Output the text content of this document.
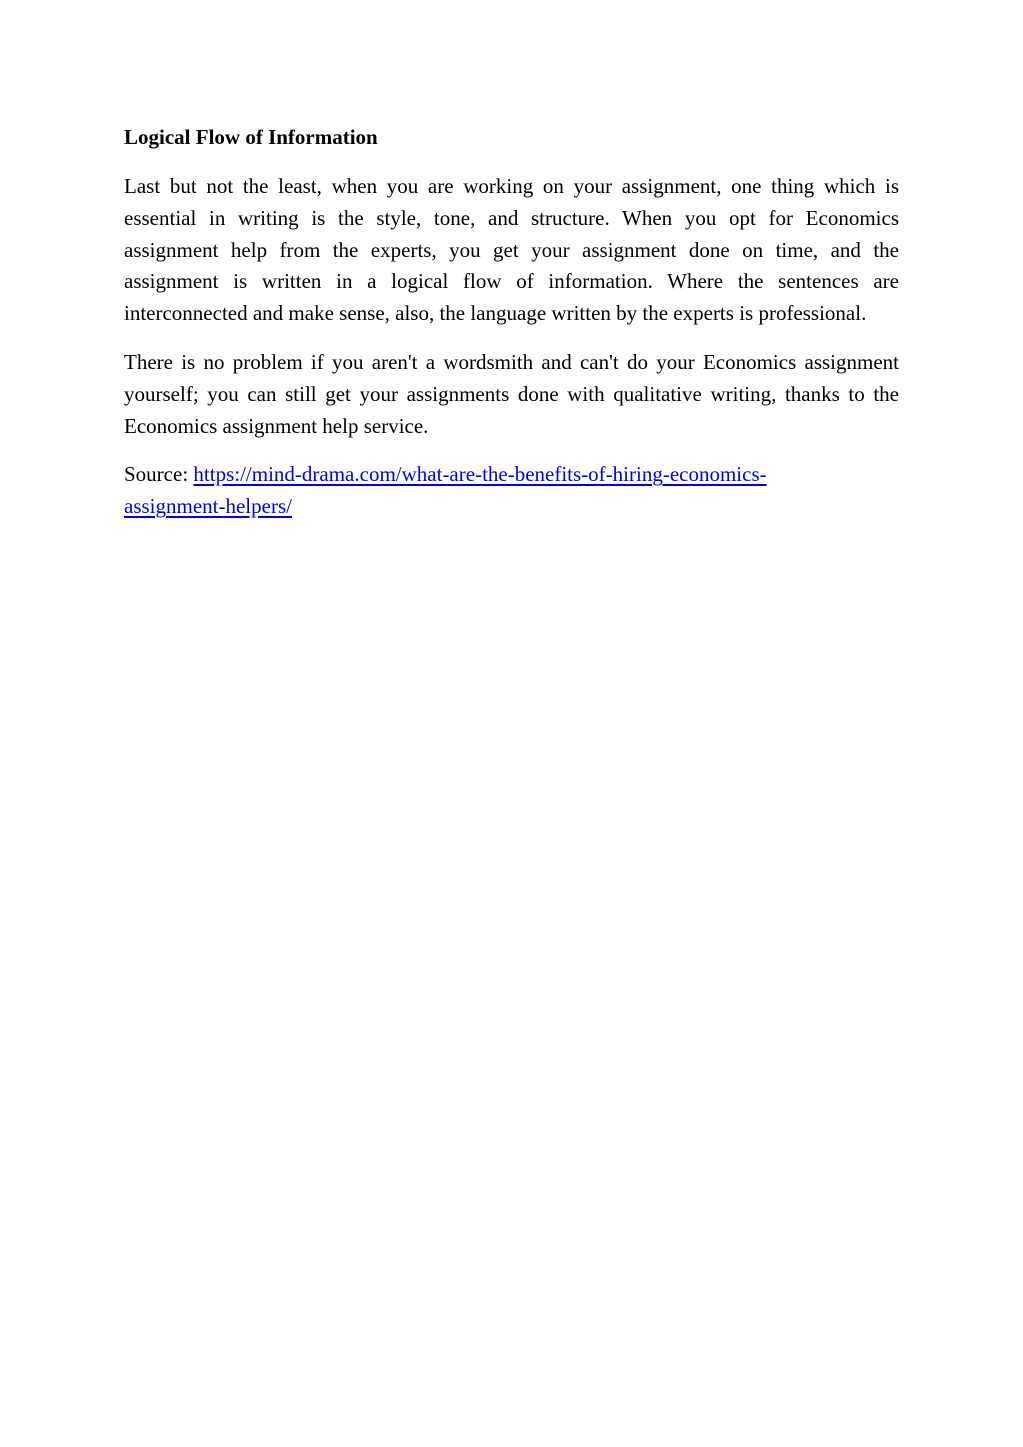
Logical Flow of Information

Last but not the least, when you are working on your assignment, one thing which is essential in writing is the style, tone, and structure. When you opt for Economics assignment help from the experts, you get your assignment done on time, and the assignment is written in a logical flow of information. Where the sentences are interconnected and make sense, also, the language written by the experts is professional.

There is no problem if you aren't a wordsmith and can't do your Economics assignment yourself; you can still get your assignments done with qualitative writing, thanks to the Economics assignment help service.

Source: https://mind-drama.com/what-are-the-benefits-of-hiring-economics-
assignment-helpers/
